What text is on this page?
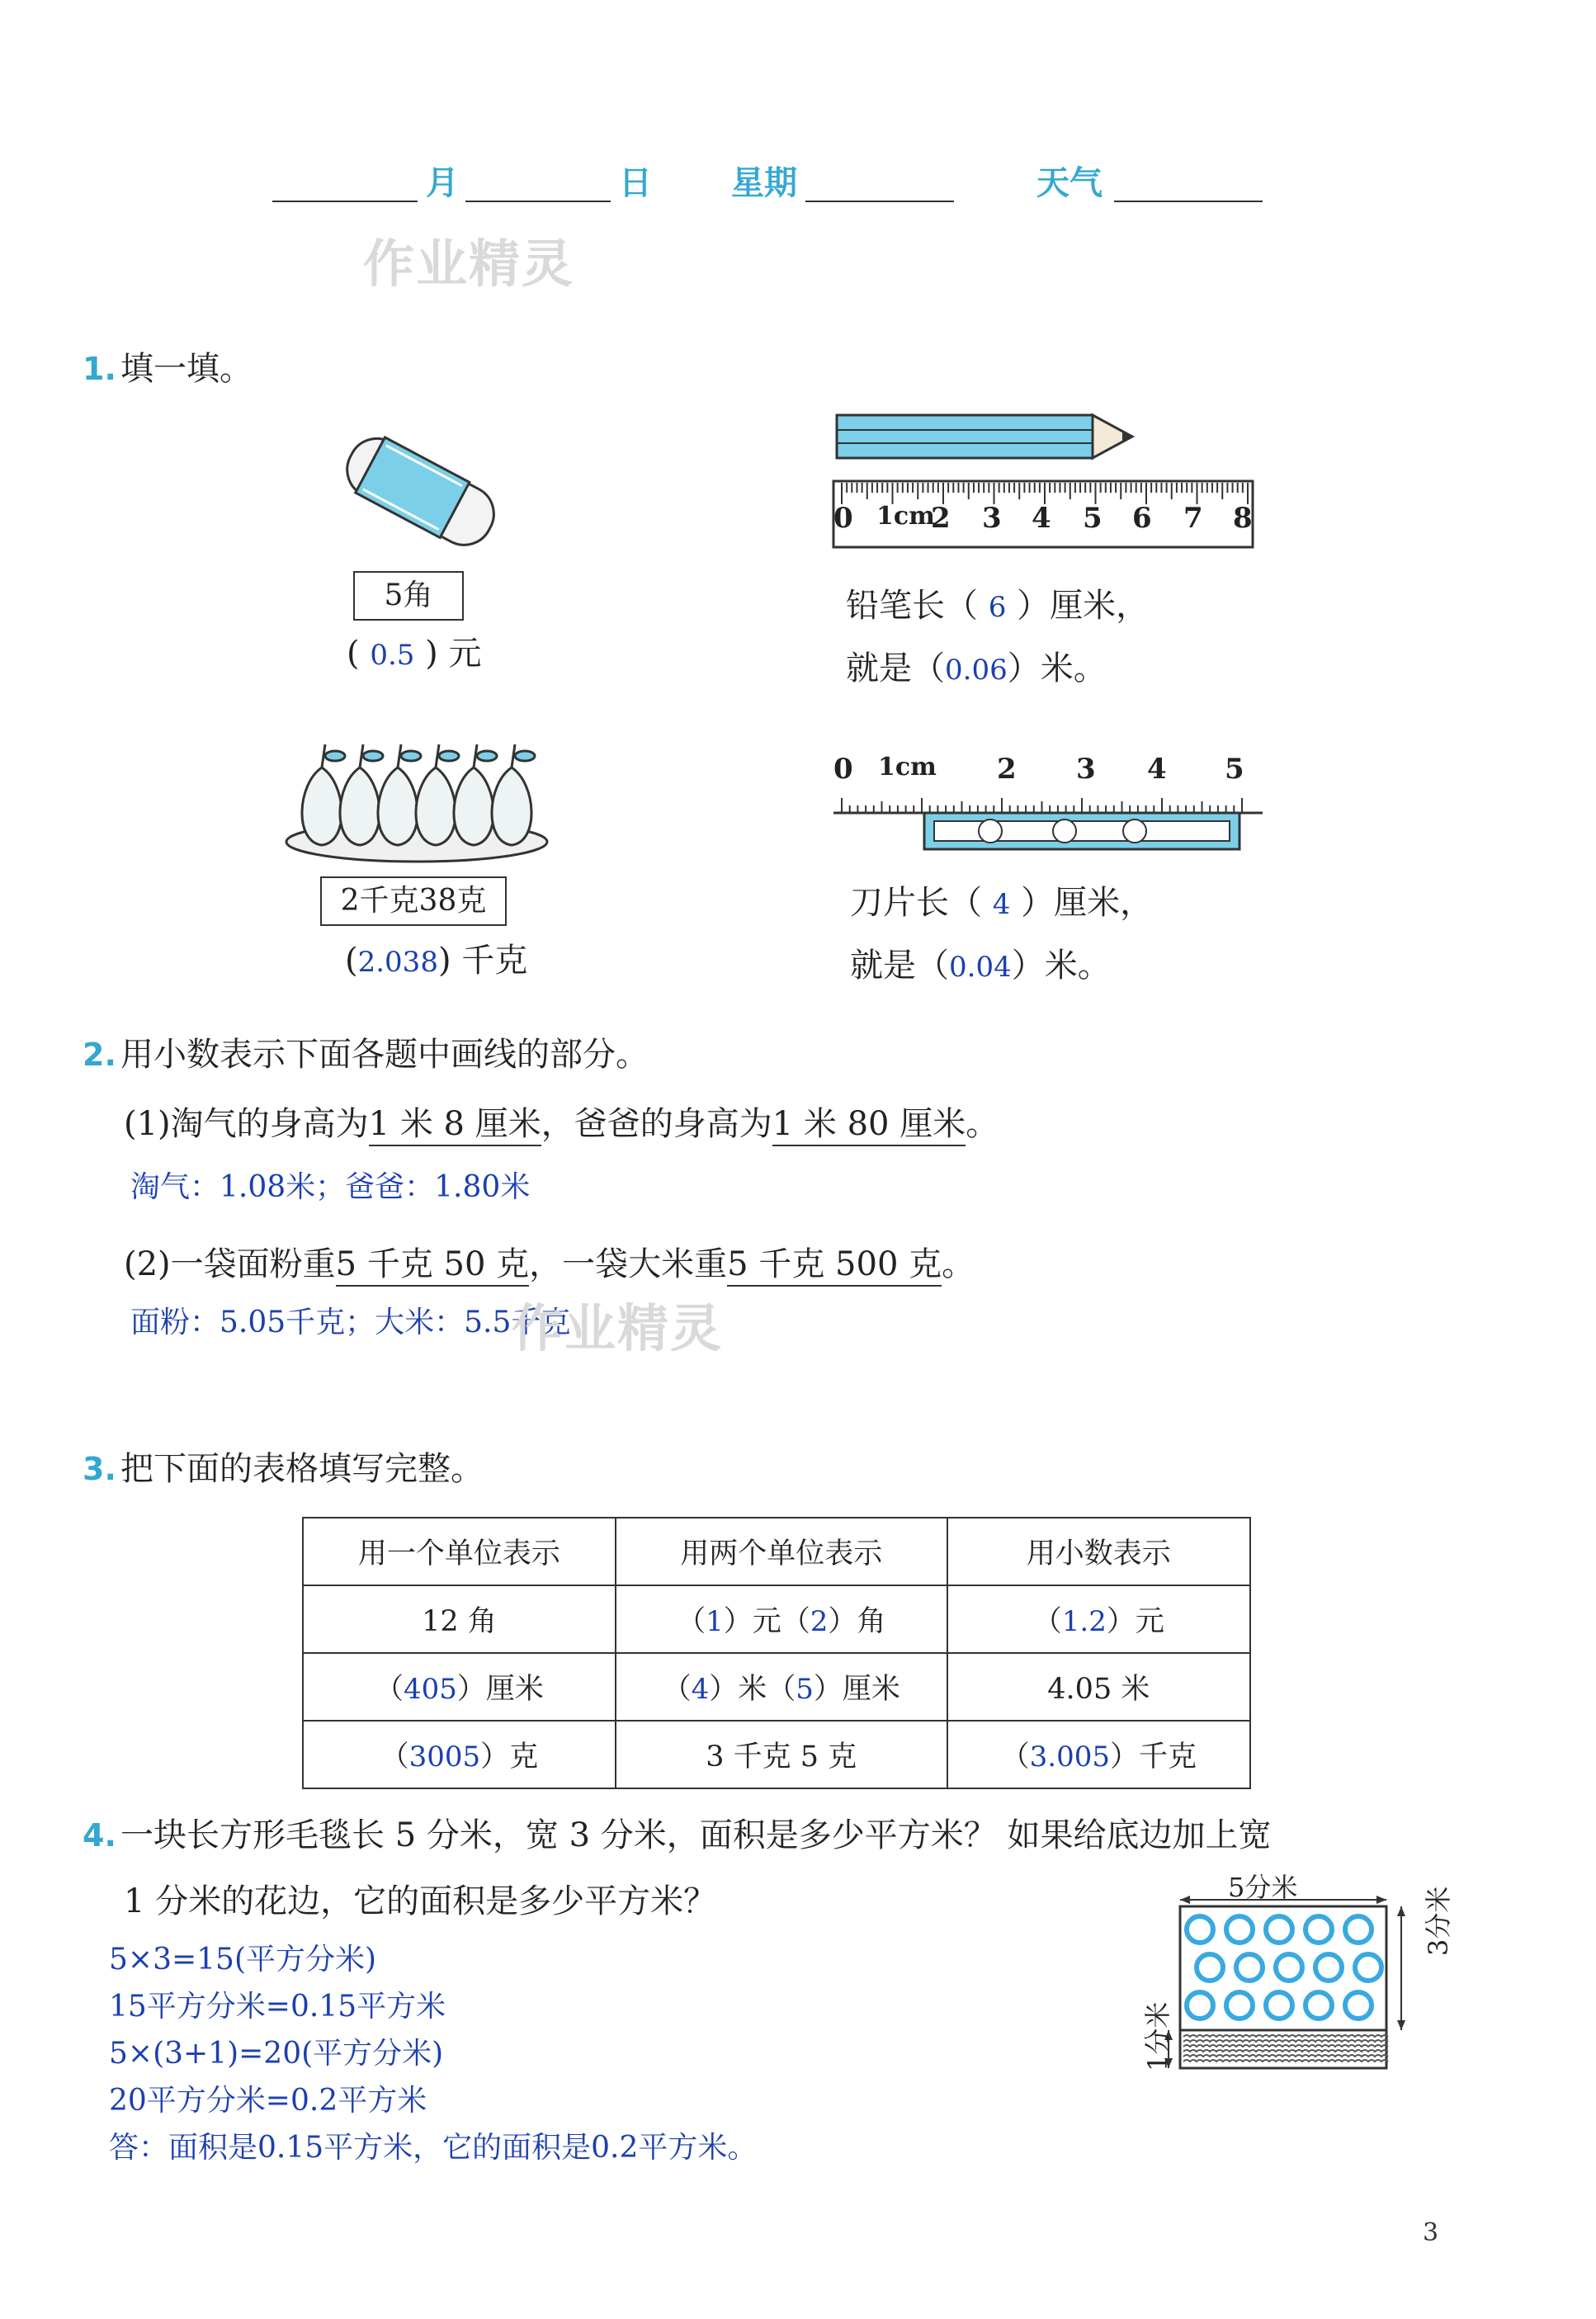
月	日 星期	天气
作业精灵
1. 填一填。
5角
( 0.5 ) 元
0 1cm
2 3 4 5 6 7 8
铅笔长（ 6 ）厘米，
就是（0.06）米。
2千克38克
(2.038) 千克
0 1cm 2 3 4 5
刀片长（ 4 ）厘米，
就是（0.04）米。
2. 用小数表示下面各题中画线的部分。
(1)淘气的身高为1 米 8 厘米，爸爸的身高为1 米 80 厘米。
淘气：1.08米；爸爸：1.80米
(2)一袋面粉重5 千克 50 克，一袋大米重5 千克 500 克。
面粉：5.05千克；大米：5.5千克
作业精灵
3. 把下面的表格填写完整。
用一个单位表示	用两个单位表示	用小数表示
12 角	（1）元（2）角	（1.2）元
（405）厘米	（4）米（5）厘米	4.05 米
（3005）克	3 千克 5 克	（3.005）千克
4. 一块长方形毛毯长 5 分米，宽 3 分米，面积是多少平方米？ 如果给底边加上宽
1 分米的花边，它的面积是多少平方米？
5×3=15(平方分米)
15平方分米=0.15平方米
5×(3+1)=20(平方分米)
20平方分米=0.2平方米
答：面积是0.15平方米，它的面积是0.2平方米。
5分米	3分米
1分米
3
